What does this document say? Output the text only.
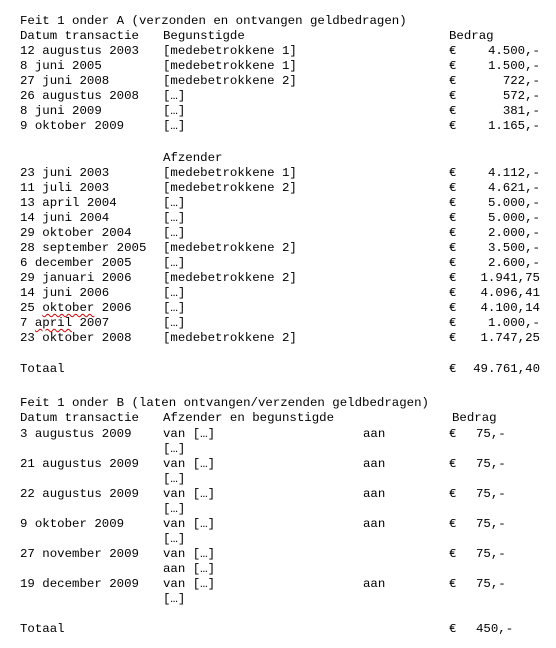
Feit 1 onder A (verzonden en ontvangen geldbedragen)
Datum transactie Begunstigde	Bedrag
12 augustus 2003 [medebetrokkene 1]	€	4.500,-
8 juni 2005	[medebetrokkene 1]	€	1.500,-
27 juni 2008	[medebetrokkene 2]	€	722,-
26 augustus 2008 […]	€	572,-
8 juni 2009	[…]	€	381,-
9 oktober 2009	[…]	€	1.165,-
Afzender
23 juni 2003	[medebetrokkene 1]	€	4.112,-
11 juli 2003	[medebetrokkene 2]	€	4.621,-
13 april 2004	[…]	€	5.000,-
14 juni 2004	[…]	€	5.000,-
29 oktober 2004	[…]	€	2.000,-
28 september 2005 [medebetrokkene 2]	€	3.500,-
6 december 2005	[…]	€	2.600,-
29 januari 2006	[medebetrokkene 2]	€	1.941,75
14 juni 2006	[…]	€	4.096,41
25 oktober 2006	[…]	€	4.100,14
7 april 2007	[…]	€	1.000,-
23 oktober 2008	[medebetrokkene 2]	€	1.747,25
Totaal	€	49.761,40
Feit 1 onder B (laten ontvangen/verzenden geldbedragen)
Datum transactie Afzender en begunstigde	Bedrag
3 augustus 2009	van […]	aan	€ 75,-
[…]
21 augustus 2009 van […]	aan	€ 75,-
[…]
22 augustus 2009 van […]	aan	€ 75,-
[…]
9 oktober 2009	van […]	aan	€ 75,-
[…]
27 november 2009 van […]	€ 75,-
aan […]
19 december 2009 van […]	aan	€ 75,-
[…]
Totaal	€ 450,-
